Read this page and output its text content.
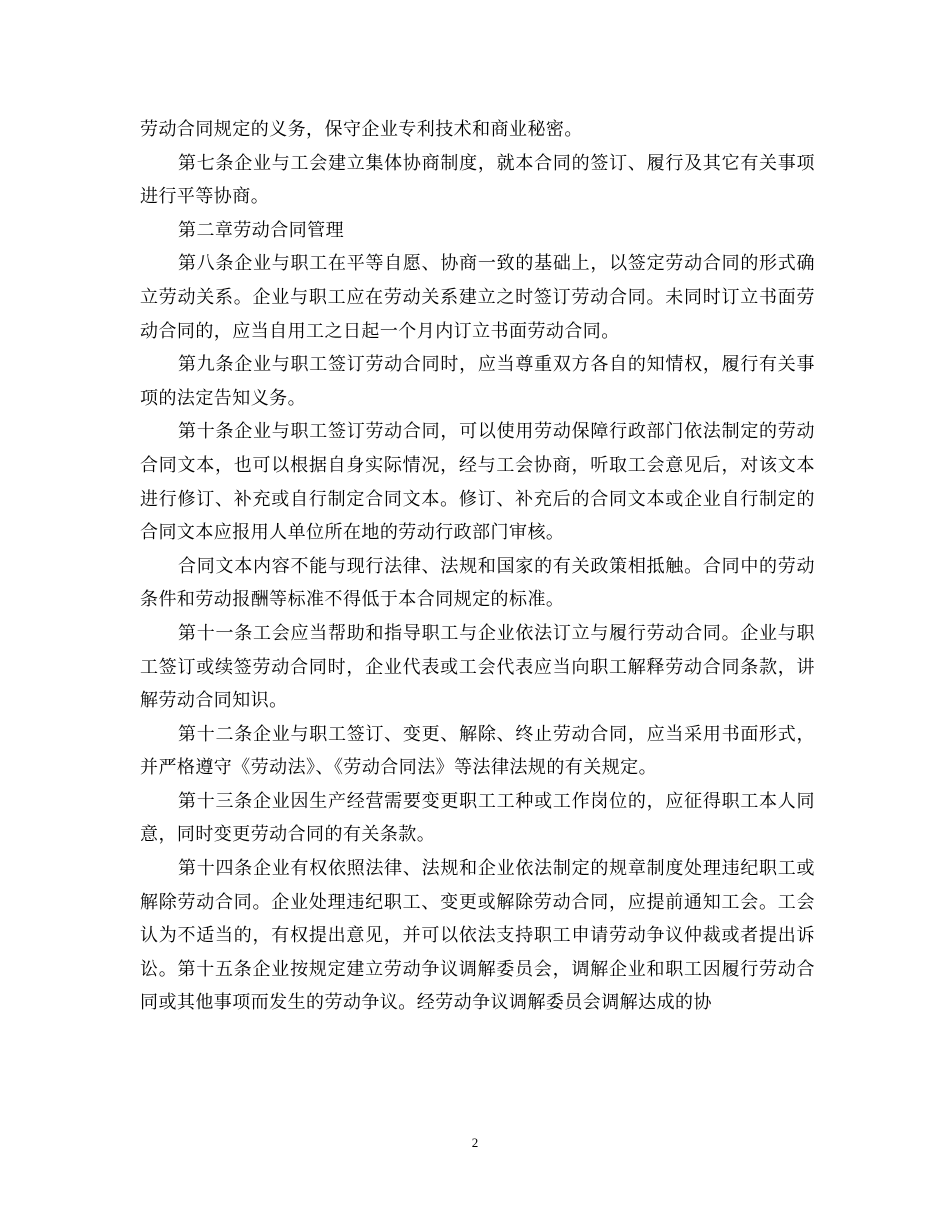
劳动合同规定的义务，保守企业专利技术和商业秘密。

第七条企业与工会建立集体协商制度，就本合同的签订、履行及其它有关事项进行平等协商。

第二章劳动合同管理

第八条企业与职工在平等自愿、协商一致的基础上，以签定劳动合同的形式确立劳动关系。企业与职工应在劳动关系建立之时签订劳动合同。未同时订立书面劳动合同的，应当自用工之日起一个月内订立书面劳动合同。

第九条企业与职工签订劳动合同时，应当尊重双方各自的知情权，履行有关事项的法定告知义务。

第十条企业与职工签订劳动合同，可以使用劳动保障行政部门依法制定的劳动合同文本，也可以根据自身实际情况，经与工会协商，听取工会意见后，对该文本进行修订、补充或自行制定合同文本。修订、补充后的合同文本或企业自行制定的合同文本应报用人单位所在地的劳动行政部门审核。

合同文本内容不能与现行法律、法规和国家的有关政策相抵触。合同中的劳动条件和劳动报酬等标准不得低于本合同规定的标准。

第十一条工会应当帮助和指导职工与企业依法订立与履行劳动合同。企业与职工签订或续签劳动合同时，企业代表或工会代表应当向职工解释劳动合同条款，讲解劳动合同知识。

第十二条企业与职工签订、变更、解除、终止劳动合同，应当采用书面形式，并严格遵守《劳动法》、《劳动合同法》等法律法规的有关规定。

第十三条企业因生产经营需要变更职工工种或工作岗位的，应征得职工本人同意，同时变更劳动合同的有关条款。

第十四条企业有权依照法律、法规和企业依法制定的规章制度处理违纪职工或解除劳动合同。企业处理违纪职工、变更或解除劳动合同，应提前通知工会。工会认为不适当的，有权提出意见，并可以依法支持职工申请劳动争议仲裁或者提出诉讼。第十五条企业按规定建立劳动争议调解委员会，调解企业和职工因履行劳动合同或其他事项而发生的劳动争议。经劳动争议调解委员会调解达成的协

2
